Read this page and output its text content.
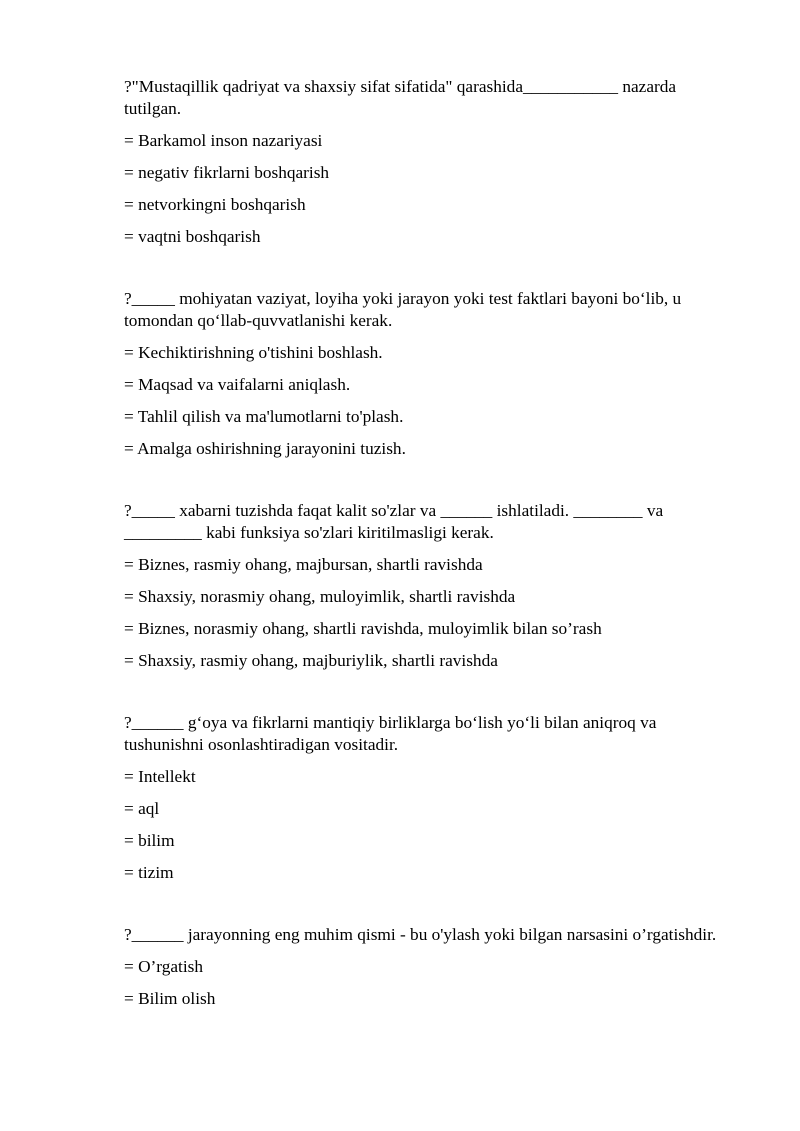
?"Mustaqillik qadriyat va shaxsiy sifat sifatida" qarashida___________ nazarda tutilgan.
= Barkamol inson nazariyasi
= negativ fikrlarni boshqarish
= netvorkingni boshqarish
= vaqtni boshqarish
?_____ mohiyatan vaziyat, loyiha yoki jarayon yoki test faktlari bayoni bo‘lib, u tomondan qo‘llab-quvvatlanishi kerak.
= Kechiktirishning o'tishini boshlash.
= Maqsad va vaifalarni aniqlash.
= Tahlil qilish va ma'lumotlarni to'plash.
= Amalga oshirishning jarayonini tuzish.
?_____ xabarni tuzishda faqat kalit so'zlar va ______ ishlatiladi. ________ va _________ kabi funksiya so'zlari kiritilmasligi kerak.
= Biznes, rasmiy ohang, majbursan, shartli ravishda
= Shaxsiy, norasmiy ohang, muloyimlik, shartli ravishda
= Biznes, norasmiy ohang, shartli ravishda, muloyimlik bilan so’rash
= Shaxsiy, rasmiy ohang, majburiylik, shartli ravishda
?______ g‘oya va fikrlarni mantiqiy birliklarga bo‘lish yo‘li bilan aniqroq va tushunishni osonlashtiradigan vositadir.
= Intellekt
= aql
= bilim
= tizim
?______ jarayonning eng muhim qismi - bu o'ylash yoki bilgan narsasini o’rgatishdir.
= O’rgatish
= Bilim olish
